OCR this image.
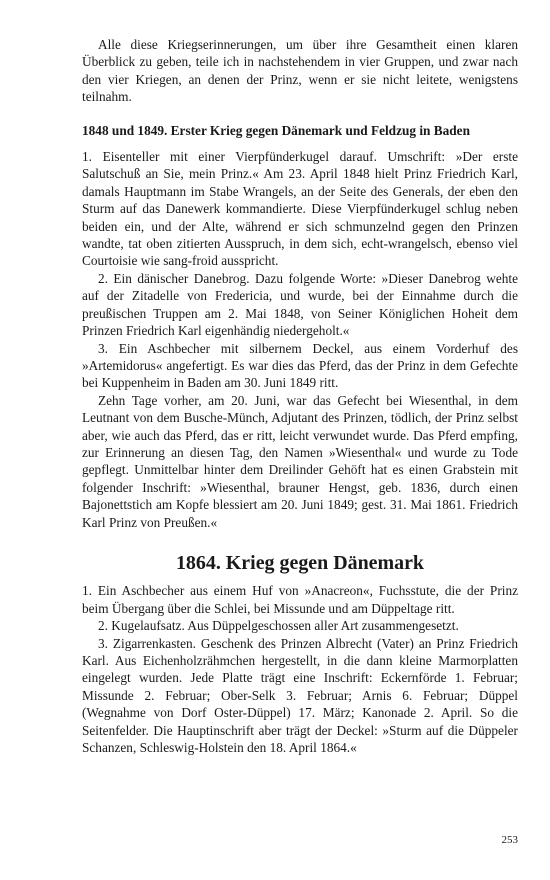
Alle diese Kriegserinnerungen, um über ihre Gesamtheit einen klaren Überblick zu geben, teile ich in nachstehendem in vier Gruppen, und zwar nach den vier Kriegen, an denen der Prinz, wenn er sie nicht leitete, wenigstens teilnahm.

1848 und 1849. Erster Krieg gegen Dänemark und Feldzug in Baden

1. Eisenteller mit einer Vierpfünderkugel darauf. Umschrift: »Der erste Salutschuß an Sie, mein Prinz.« Am 23. April 1848 hielt Prinz Friedrich Karl, damals Hauptmann im Stabe Wrangels, an der Seite des Generals, der eben den Sturm auf das Danewerk kommandierte. Diese Vierpfünderkugel schlug neben beiden ein, und der Alte, während er sich schmunzelnd gegen den Prinzen wandte, tat oben zitierten Ausspruch, in dem sich, echt-wrangelsch, ebenso viel Courtoisie wie sang-froid ausspricht.

2. Ein dänischer Danebrog. Dazu folgende Worte: »Dieser Danebrog wehte auf der Zitadelle von Fredericia, und wurde, bei der Einnahme durch die preußischen Truppen am 2. Mai 1848, von Seiner Königlichen Hoheit dem Prinzen Friedrich Karl eigenhändig niedergeholt.«

3. Ein Aschbecher mit silbernem Deckel, aus einem Vorderhuf des »Artemidorus« angefertigt. Es war dies das Pferd, das der Prinz in dem Gefechte bei Kuppenheim in Baden am 30. Juni 1849 ritt.

Zehn Tage vorher, am 20. Juni, war das Gefecht bei Wiesenthal, in dem Leutnant von dem Busche-Münch, Adjutant des Prinzen, tödlich, der Prinz selbst aber, wie auch das Pferd, das er ritt, leicht verwundet wurde. Das Pferd empfing, zur Erinnerung an diesen Tag, den Namen »Wiesenthal« und wurde zu Tode gepflegt. Unmittelbar hinter dem Dreilinder Gehöft hat es einen Grabstein mit folgender Inschrift: »Wiesenthal, brauner Hengst, geb. 1836, durch einen Bajonettstich am Kopfe blessiert am 20. Juni 1849; gest. 31. Mai 1861. Friedrich Karl Prinz von Preußen.«

1864. Krieg gegen Dänemark

1. Ein Aschbecher aus einem Huf von »Anacreon«, Fuchsstute, die der Prinz beim Übergang über die Schlei, bei Missunde und am Düppeltage ritt.

2. Kugelaufsatz. Aus Düppelgeschossen aller Art zusammengesetzt.

3. Zigarrenkasten. Geschenk des Prinzen Albrecht (Vater) an Prinz Friedrich Karl. Aus Eichenholzrähmchen hergestellt, in die dann kleine Marmorplatten eingelegt wurden. Jede Platte trägt eine Inschrift: Eckernförde 1. Februar; Missunde 2. Februar; Ober-Selk 3. Februar; Arnis 6. Februar; Düppel (Wegnahme von Dorf Oster-Düppel) 17. März; Kanonade 2. April. So die Seitenfelder. Die Hauptinschrift aber trägt der Deckel: »Sturm auf die Düppeler Schanzen, Schleswig-Holstein den 18. April 1864.«

253
